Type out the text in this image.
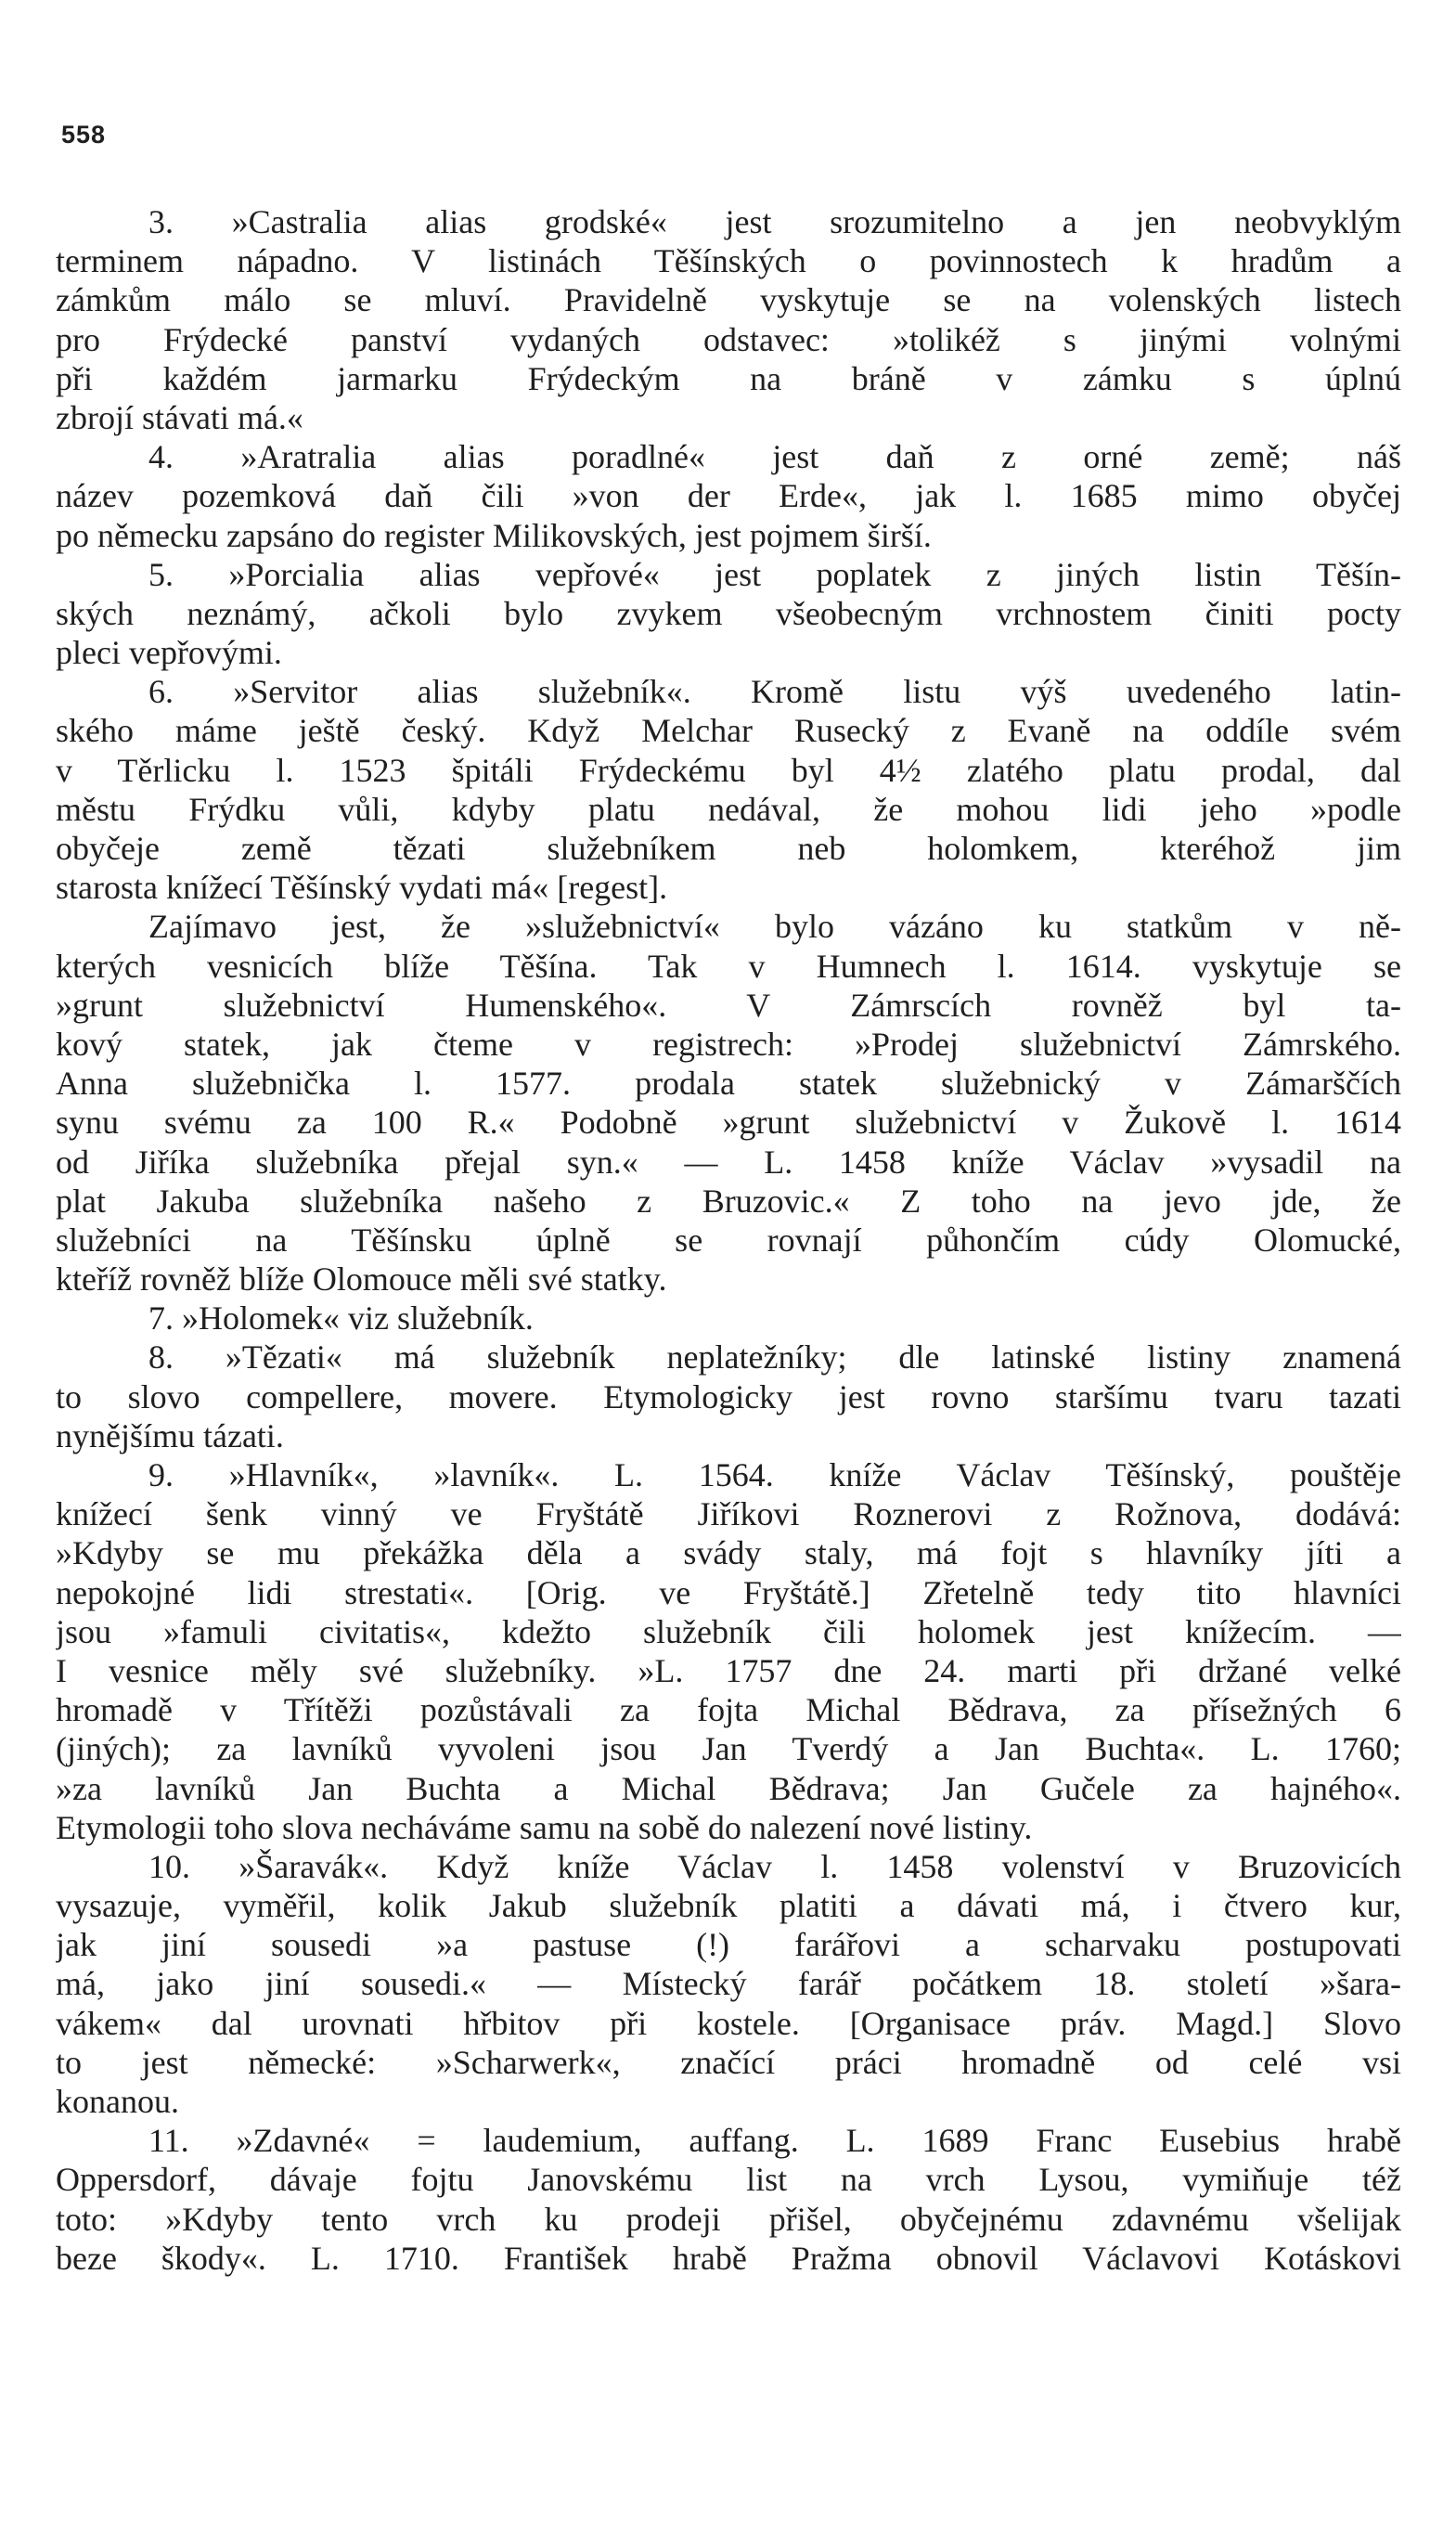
558
3. »Castralia alias grodské« jest srozumitelno a jen neobvyklým
terminem nápadno. V listinách Těšínských o povinnostech k hradům a
zámkům málo se mluví. Pravidelně vyskytuje se na volenských listech
pro Frýdecké panství vydaných odstavec: »tolikéž s jinými volnými
při každém jarmarku Frýdeckým na bráně v zámku s úplnú
zbrojí stávati má.«
4. »Aratralia alias poradlné« jest daň z orné země; náš
název pozemková daň čili »von der Erde«, jak l. 1685 mimo obyčej
po německu zapsáno do register Milikovských, jest pojmem širší.
5. »Porcialia alias vepřové« jest poplatek z jiných listin Těšín-
ských neznámý, ačkoli bylo zvykem všeobecným vrchnostem činiti pocty
pleci vepřovými.
6. »Servitor alias služebník«. Kromě listu výš uvedeného latin-
ského máme ještě český. Když Melchar Rusecký z Evaně na oddíle svém
v Těrlicku l. 1523 špitáli Frýdeckému byl 4½ zlatého platu prodal, dal
městu Frýdku vůli, kdyby platu nedával, že mohou lidi jeho »podle
obyčeje země tězati služebníkem neb holomkem, kteréhož jim
starosta knížecí Těšínský vydati má« [regest].
Zajímavo jest, že »služebnictví« bylo vázáno ku statkům v ně-
kterých vesnicích blíže Těšína. Tak v Humnech l. 1614. vyskytuje se
»grunt služebnictví Humenského«. V Zámrscích rovněž byl ta-
kový statek, jak čteme v registrech: »Prodej služebnictví Zámrského.
Anna služebnička l. 1577. prodala statek služebnický v Zámarščích
synu svému za 100 R.« Podobně »grunt služebnictví v Žukově l. 1614
od Jiříka služebníka přejal syn.« — L. 1458 kníže Václav »vysadil na
plat Jakuba služebníka našeho z Bruzovic.« Z toho na jevo jde, že
služebníci na Těšínsku úplně se rovnají půhončím cúdy Olomucké,
kteříž rovněž blíže Olomouce měli své statky.
7. »Holomek« viz služebník.
8. »Tězati« má služebník neplatežníky; dle latinské listiny znamená
to slovo compellere, movere. Etymologicky jest rovno staršímu tvaru tazati
nynějšímu tázati.
9. »Hlavník«, »lavník«. L. 1564. kníže Václav Těšínský, pouštěje
knížecí šenk vinný ve Fryštátě Jiříkovi Roznerovi z Rožnova, dodává:
»Kdyby se mu překážka děla a svády staly, má fojt s hlavníky jíti a
nepokojné lidi strestati«. [Orig. ve Fryštátě.] Zřetelně tedy tito hlavníci
jsou »famuli civitatis«, kdežto služebník čili holomek jest knížecím. —
I vesnice měly své služebníky. »L. 1757 dne 24. marti při držané velké
hromadě v Třítěži pozůstávali za fojta Michal Bědrava, za přísežných 6
(jiných); za lavníků vyvoleni jsou Jan Tverdý a Jan Buchta«. L. 1760;
»za lavníků Jan Buchta a Michal Bědrava; Jan Gučele za hajného«.
Etymologii toho slova necháváme samu na sobě do nalezení nové listiny.
10. »Šaravák«. Když kníže Václav l. 1458 volenství v Bruzovicích
vysazuje, vyměřil, kolik Jakub služebník platiti a dávati má, i čtvero kur,
jak jiní sousedi »a pastuse (!) farářovi a scharvaku postupovati
má, jako jiní sousedi.« — Místecký farář počátkem 18. století »šara-
vákem« dal urovnati hřbitov při kostele. [Organisace práv. Magd.] Slovo
to jest německé: »Scharwerk«, značící práci hromadně od celé vsi
konanou.
11. »Zdavné« = laudemium, auffang. L. 1689 Franc Eusebius hrabě
Oppersdorf, dávaje fojtu Janovskému list na vrch Lysou, vymiňuje též
toto: »Kdyby tento vrch ku prodeji přišel, obyčejnému zdavnému všelijak
beze škody«. L. 1710. František hrabě Pražma obnovil Václavovi Kotáskovi
